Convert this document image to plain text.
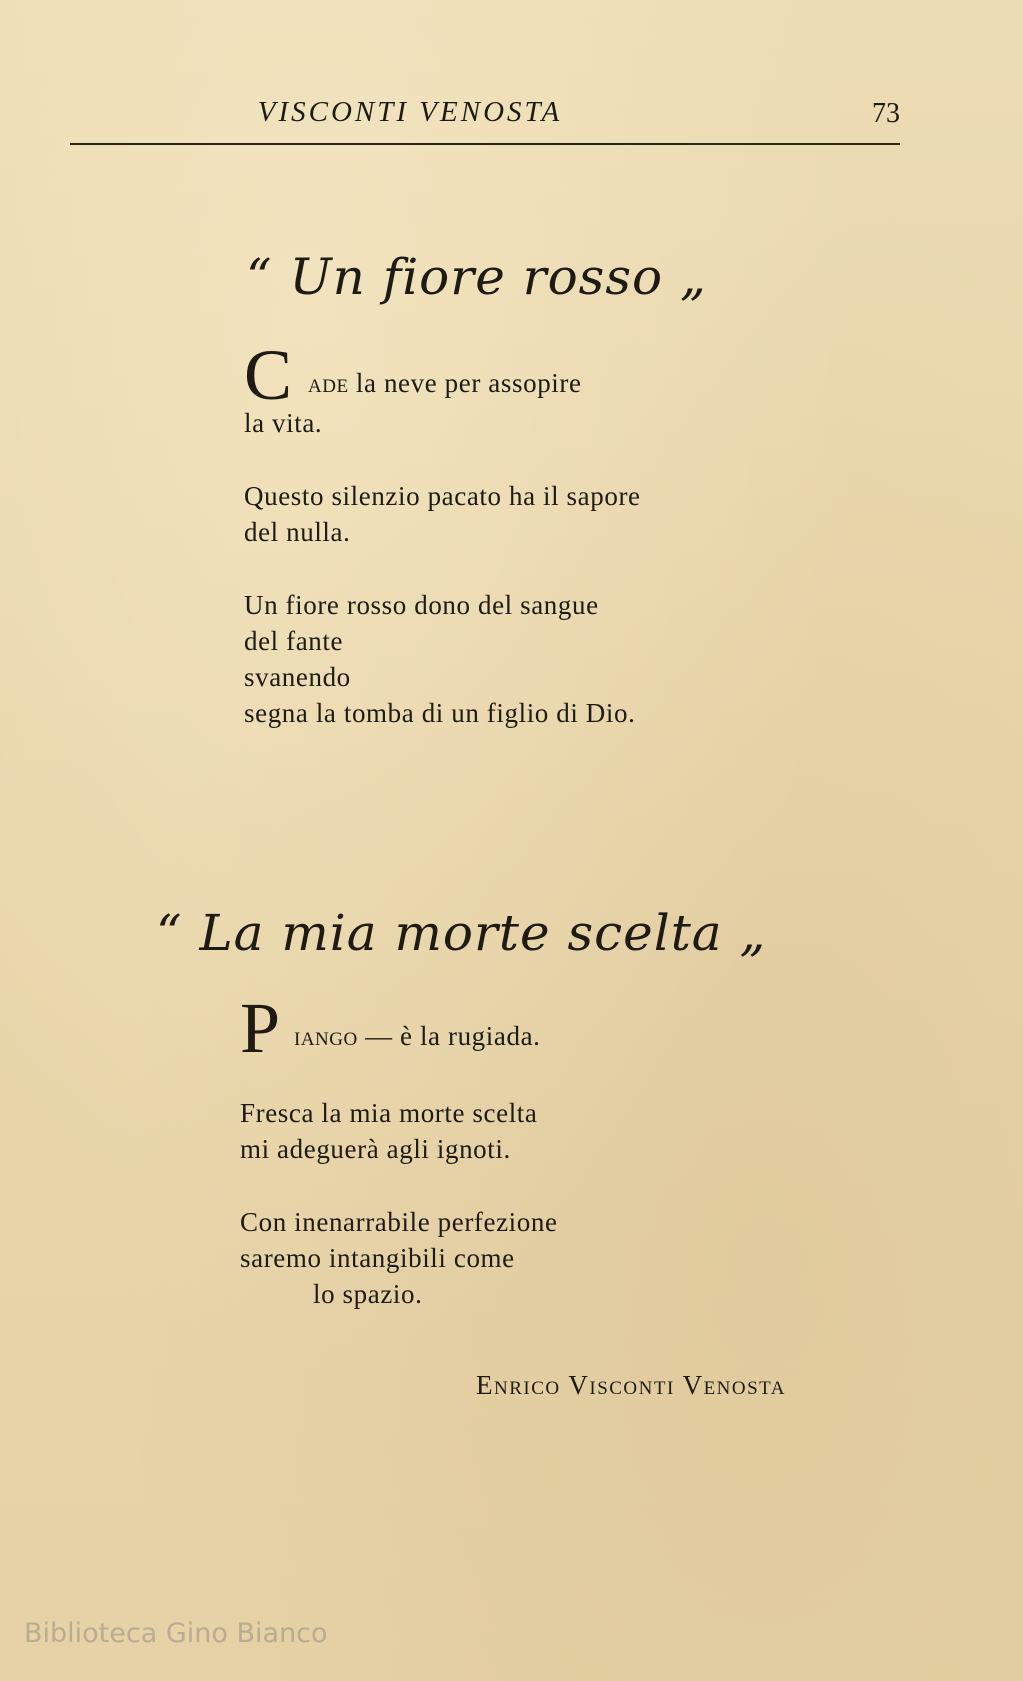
VISCONTI VENOSTA	73
“ Un fiore rosso „
C ade la neve per assopire
la vita.
Questo silenzio pacato ha il sapore
del nulla.
Un fiore rosso dono del sangue
del fante
svanendo
segna la tomba di un figlio di Dio.
“ La mia morte scelta „
P iango — è la rugiada.
Fresca la mia morte scelta
mi adeguerà agli ignoti.
Con inenarrabile perfezione
saremo intangibili come
lo spazio.
Enrico Visconti Venosta
Biblioteca Gino Bianco
